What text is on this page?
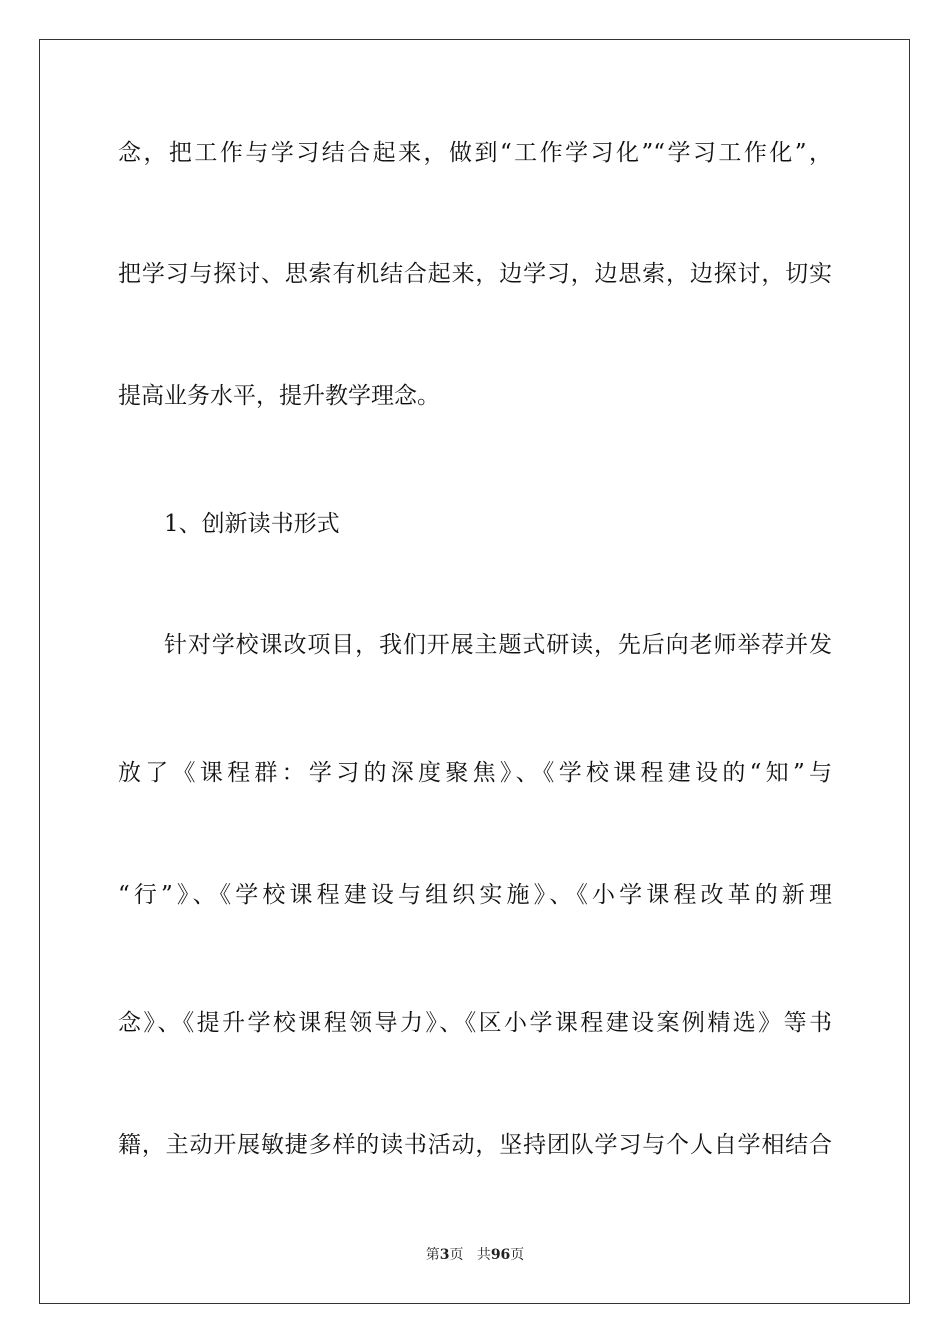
念，把工作与学习结合起来，做到“工作学习化”“学习工作化”，
把学习与探讨、思索有机结合起来，边学习，边思索，边探讨，切实
提高业务水平，提升教学理念。
1、创新读书形式
针对学校课改项目，我们开展主题式研读，先后向老师举荐并发
放了《课程群：学习的深度聚焦》、《学校课程建设的“知”与
“行”》、《学校课程建设与组织实施》、《小学课程改革的新理
念》、《提升学校课程领导力》、《区小学课程建设案例精选》等书
籍，主动开展敏捷多样的读书活动，坚持团队学习与个人自学相结合
第3页 共96页
